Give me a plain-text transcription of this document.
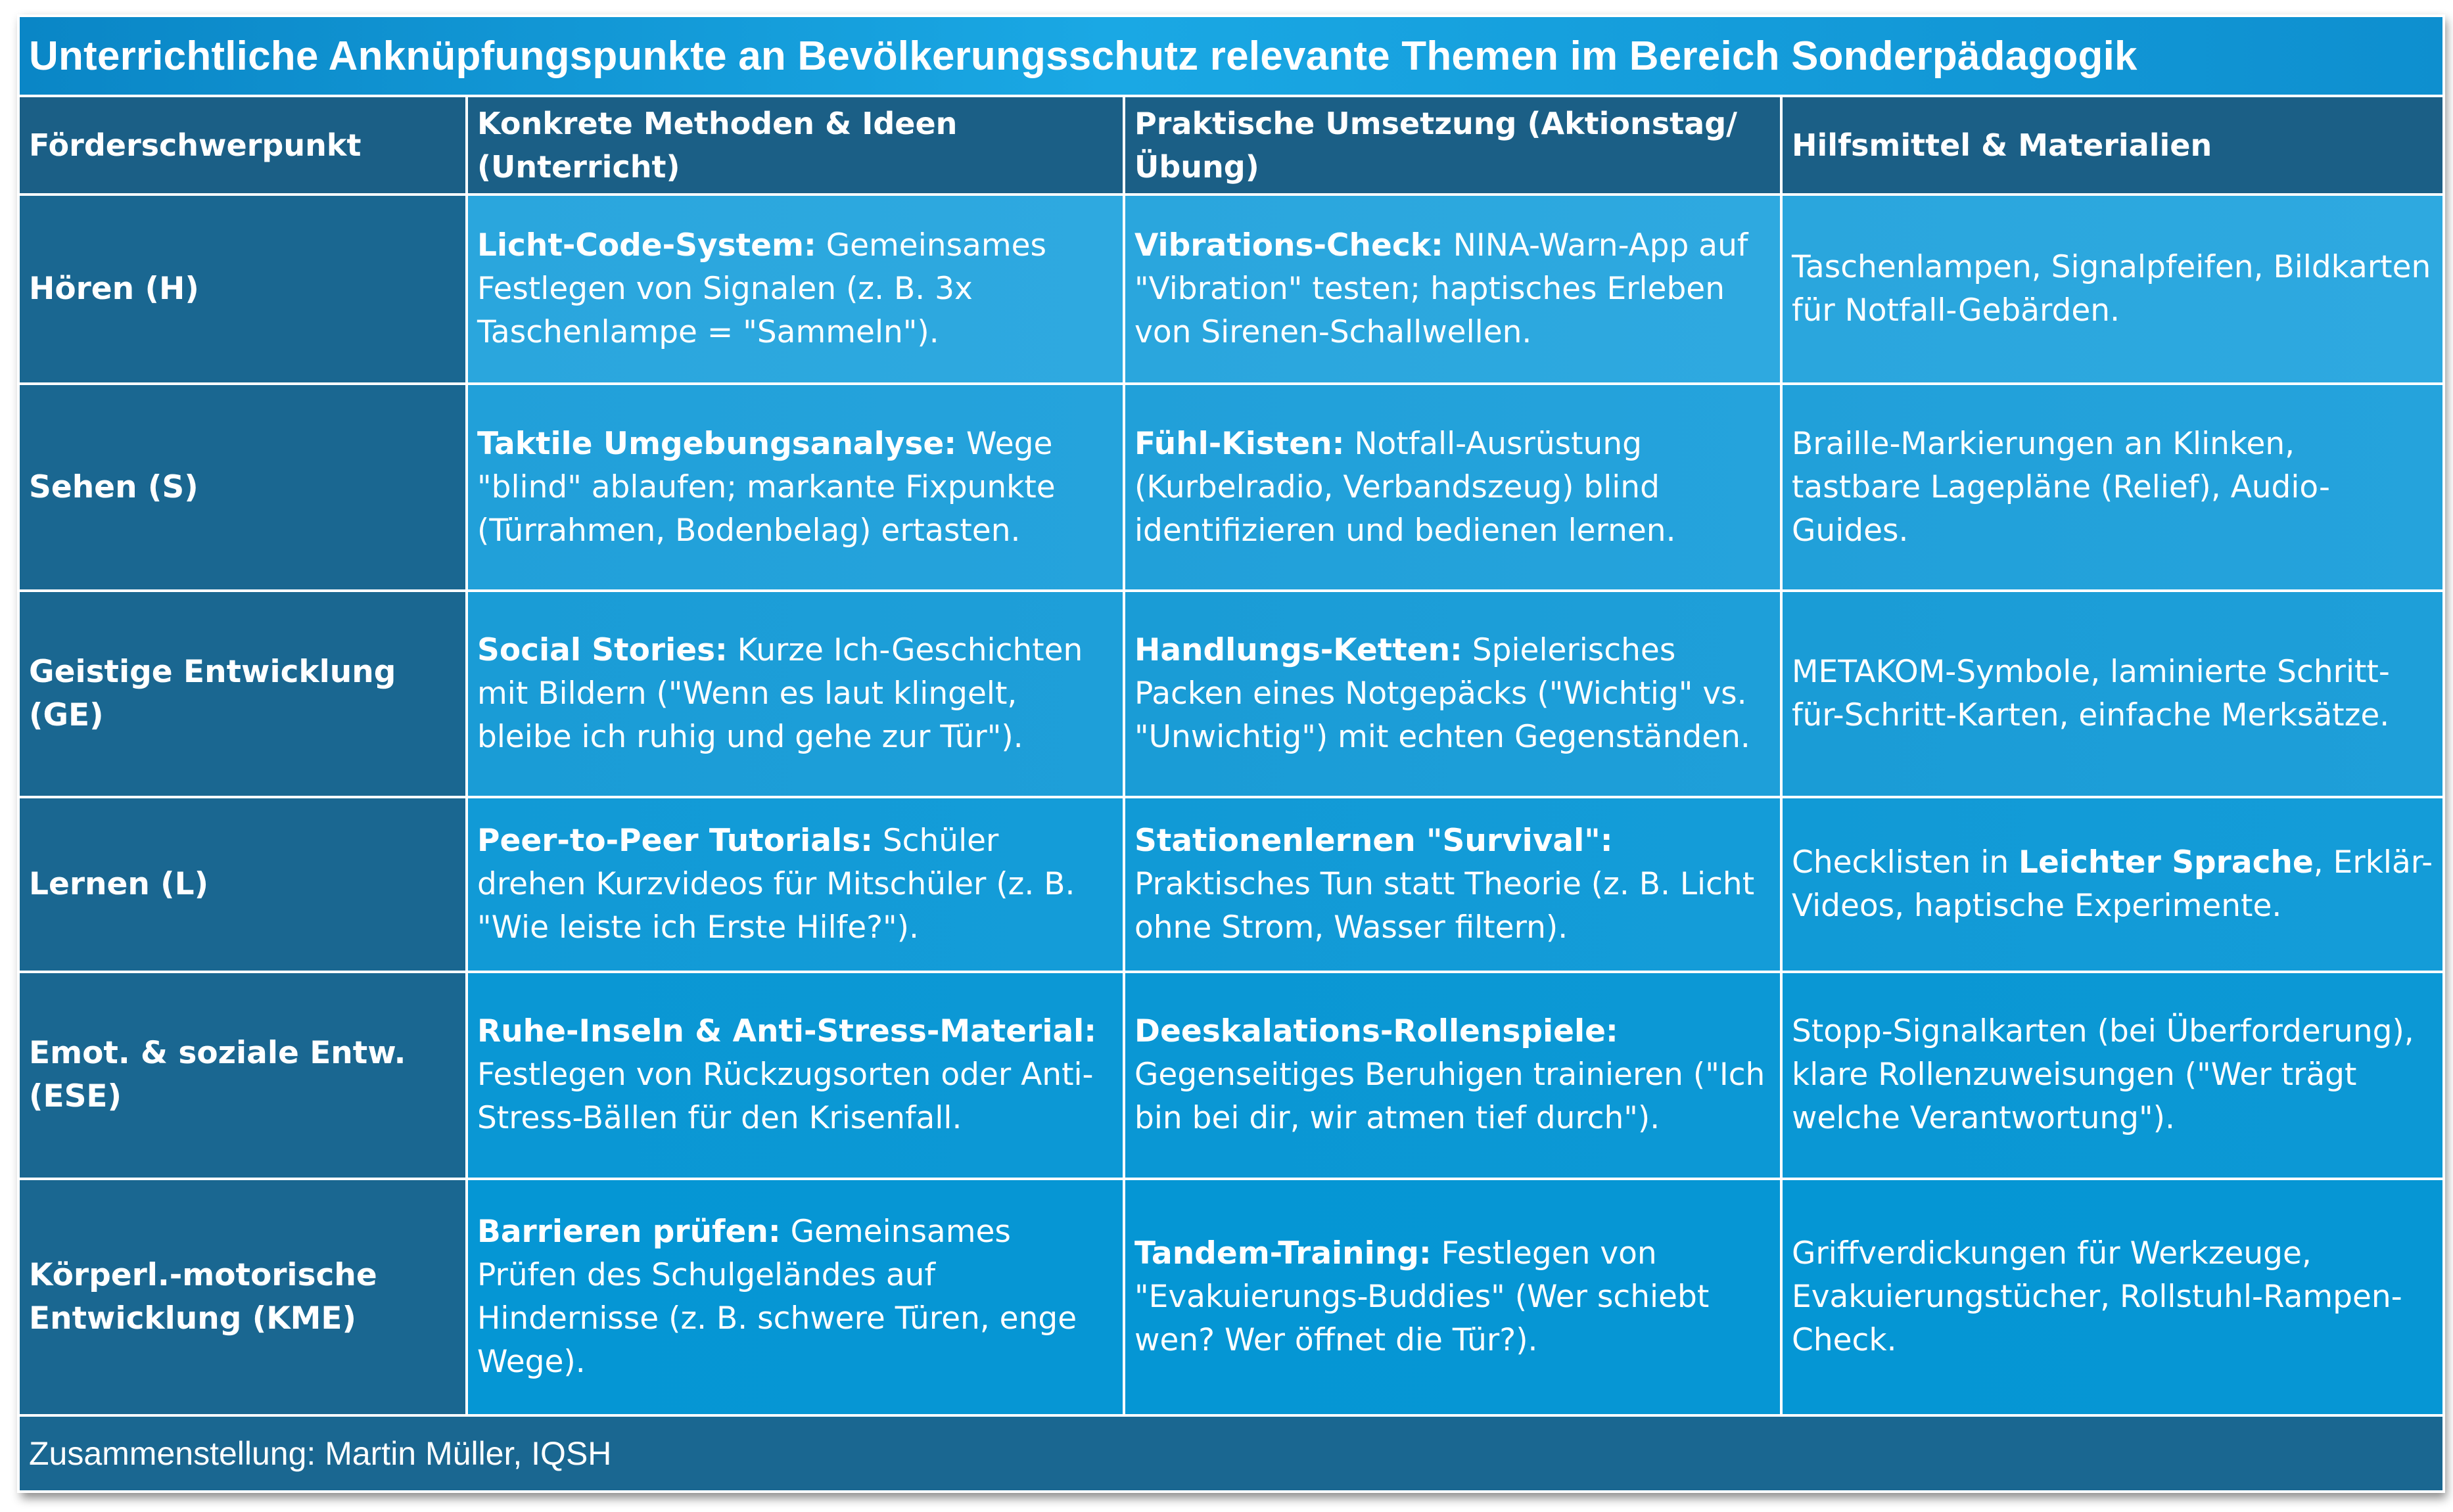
Unterrichtliche Anknüpfungspunkte an Bevölkerungsschutz relevante Themen im Bereich Sonderpädagogik			
Förderschwerpunkt	Konkrete Methoden & Ideen (Unterricht)	Praktische Umsetzung (Aktionstag/Übung)	Hilfsmittel & Materialien
Hören (H)	Licht-Code-System: Gemeinsames Festlegen von Signalen (z. B. 3x Taschenlampe = "Sammeln").	Vibrations-Check: NINA-Warn-App auf "Vibration" testen; haptisches Erleben von Sirenen-Schallwellen.	Taschenlampen, Signalpfeifen, Bildkarten für Notfall-Gebärden.
Sehen (S)	Taktile Umgebungsanalyse: Wege "blind" ablaufen; markante Fixpunkte (Türrahmen, Bodenbelag) ertasten.	Fühl-Kisten: Notfall-Ausrüstung (Kurbelradio, Verbandszeug) blind identifizieren und bedienen lernen.	Braille-Markierungen an Klinken, tastbare Lagepläne (Relief), Audio-Guides.
Geistige Entwicklung (GE)	Social Stories: Kurze Ich-Geschichten mit Bildern ("Wenn es laut klingelt, bleibe ich ruhig und gehe zur Tür").	Handlungs-Ketten: Spielerisches Packen eines Notgepäcks ("Wichtig" vs. "Unwichtig") mit echten Gegenständen.	METAKOM-Symbole, laminierte Schritt-für-Schritt-Karten, einfache Merksätze.
Lernen (L)	Peer-to-Peer Tutorials: Schüler drehen Kurzvideos für Mitschüler (z. B. "Wie leiste ich Erste Hilfe?").	Stationenlernen "Survival": Praktisches Tun statt Theorie (z. B. Licht ohne Strom, Wasser filtern).	Checklisten in Leichter Sprache, Erklär-Videos, haptische Experimente.
Emot. & soziale Entw. (ESE)	Ruhe-Inseln & Anti-Stress-Material: Festlegen von Rückzugsorten oder Anti-Stress-Bällen für den Krisenfall.	Deeskalations-Rollenspiele: Gegenseitiges Beruhigen trainieren ("Ich bin bei dir, wir atmen tief durch").	Stopp-Signalkarten (bei Überforderung), klare Rollenzuweisungen ("Wer trägt welche Verantwortung").
Körperl.-motorische Entwicklung (KME)	Barrieren prüfen: Gemeinsames Prüfen des Schulgeländes auf Hindernisse (z. B. schwere Türen, enge Wege).	Tandem-Training: Festlegen von "Evakuierungs-Buddies" (Wer schiebt wen? Wer öffnet die Tür?).	Griffverdickungen für Werkzeuge, Evakuierungstücher, Rollstuhl-Rampen-Check.
Zusammenstellung: Martin Müller, IQSH			
